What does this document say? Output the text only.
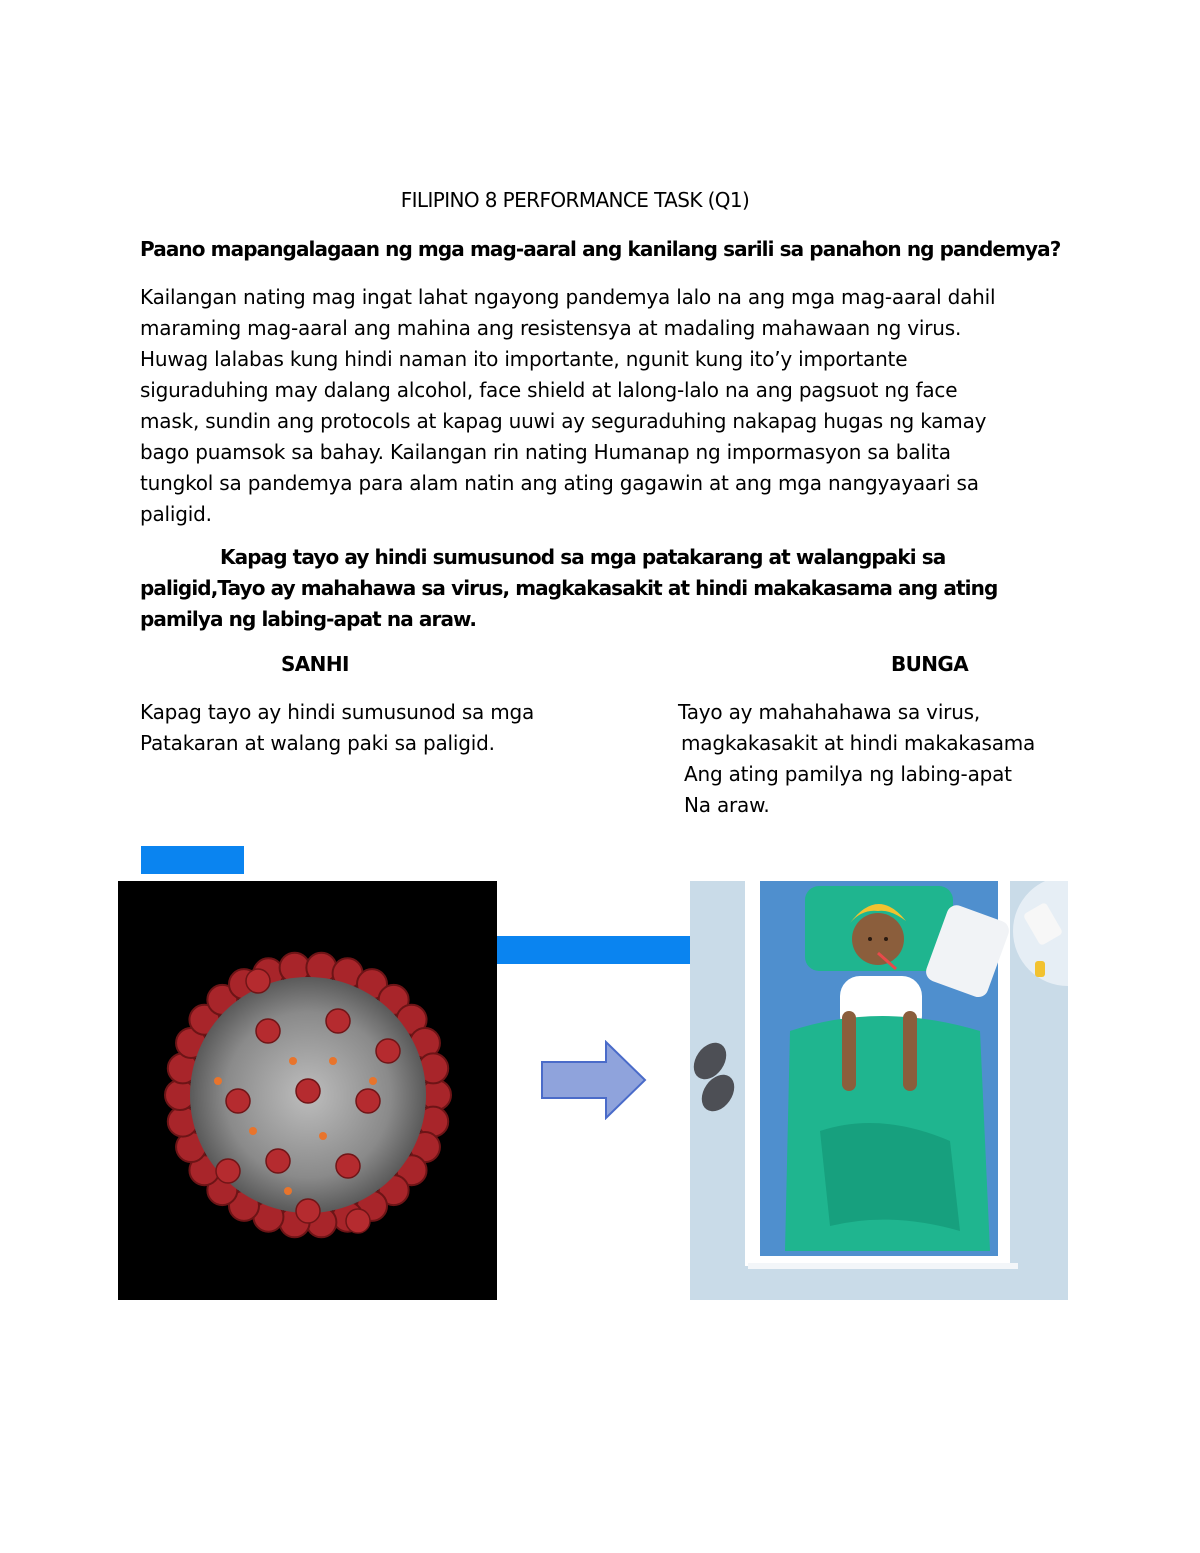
FILIPINO 8 PERFORMANCE TASK (Q1)
Paano mapangalagaan ng mga mag-aaral ang kanilang sarili sa panahon ng pandemya?
Kailangan nating mag ingat lahat ngayong pandemya lalo na ang mga mag-aaral dahil
maraming mag-aaral ang mahina ang resistensya at madaling mahawaan ng virus.
Huwag lalabas kung hindi naman ito importante, ngunit kung ito’y importante
siguraduhing may dalang alcohol, face shield at lalong-lalo na ang pagsuot ng face
mask, sundin ang protocols at kapag uuwi ay seguraduhing nakapag hugas ng kamay
bago puamsok sa bahay. Kailangan rin nating Humanap ng impormasyon sa balita
tungkol sa pandemya para alam natin ang ating gagawin at ang mga nangyayaari sa
paligid.
Kapag tayo ay hindi sumusunod sa mga patakarang at walangpaki sa
paligid,Tayo ay mahahawa sa virus, magkakasakit at hindi makakasama ang ating
pamilya ng labing-apat na araw.
SANHI	BUNGA
Kapag tayo ay hindi sumusunod sa mga
Patakaran at walang paki sa paligid.
Tayo ay mahahahawa sa virus,
magkakasakit at hindi makakasama
Ang ating pamilya ng labing-apat
Na araw.
